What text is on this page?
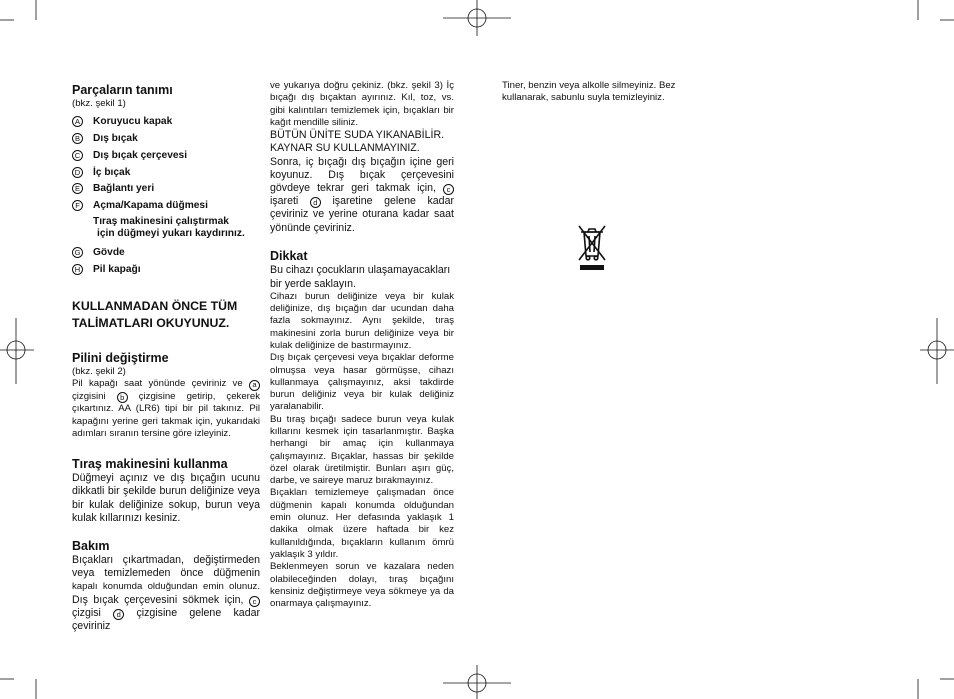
Parçaların tanımı

(bkz. şekil 1)

A Koruyucu kapak
B Dış bıçak
C Dış bıçak çerçevesi
D İç bıçak
E Bağlantı yeri
F	Açma/Kapama düğmesi
Tıraş makinesini çalıştırmak
için düğmeyi yukarı kaydırınız.
G Gövde
H Pil kapağı
KULLANMADAN ÖNCE TÜM
TALİMATLARI OKUYUNUZ.
Pilini değiştirme

(bkz. şekil 2)

Pil kapağı saat yönünde çeviriniz ve a çizgisini b çizgisine getirip, çekerek çıkartınız. AA (LR6) tipi bir pil takınız. Pil kapağını yerine geri takmak için, yukarıdaki adımları sıranın tersine göre izleyiniz.

Tıraş makinesini kullanma

Düğmeyi açınız ve dış bıçağın ucunu dikkatli bir şekilde burun deliğinize veya bir kulak deliğinize sokup, burun veya kulak kıllarınızı kesiniz.

Bakım

Bıçakları çıkartmadan, değiştirmeden veya temizlemeden önce düğmenin kapalı konumda olduğundan emin olunuz. Dış bıçak çerçevesini sökmek için, c çizgisi d çizgisine gelene kadar çeviriniz

ve yukarıya doğru çekiniz. (bkz. şekil 3) İç bıçağı dış bıçaktan ayırınız. Kıl, toz, vs. gibi kalıntıları temizlemek için, bıçakları bir kağıt mendille siliniz.

BÜTÜN ÜNİTE SUDA YIKANABİLİR. KAYNAR SU KULLANMAYINIZ.

Sonra, iç bıçağı dış bıçağın içine geri koyunuz. Dış bıçak çerçevesini gövdeye tekrar geri takmak için, c işareti d işaretine gelene kadar çeviriniz ve yerine oturana kadar saat yönünde çeviriniz.

Dikkat

Bu cihazı çocukların ulaşamayacakları bir yerde saklayın.

Cihazı burun deliğinize veya bir kulak deliğinize, dış bıçağın dar ucundan daha fazla sokmayınız. Aynı şekilde, tıraş makinesini zorla burun deliğinize veya bir kulak deliğinize de bastırmayınız.

Dış bıçak çerçevesi veya bıçaklar deforme olmuşsa veya hasar görmüşse, cihazı kullanmaya çalışmayınız, aksi takdirde burun deliğiniz veya bir kulak deliğiniz yaralanabilir.

Bu tıraş bıçağı sadece burun veya kulak kıllarını kesmek için tasarlanmıştır. Başka herhangi bir amaç için kullanmaya çalışmayınız. Bıçaklar, hassas bir şekilde özel olarak üretilmiştir. Bunları aşırı güç, darbe, ve saireye maruz bırakmayınız.

Bıçakları temizlemeye çalışmadan önce düğmenin kapalı konumda olduğundan emin olunuz. Her defasında yaklaşık 1 dakika olmak üzere haftada bir kez kullanıldığında, bıçakların kullanım ömrü yaklaşık 3 yıldır.

Beklenmeyen sorun ve kazalara neden olabileceğinden dolayı, tıraş bıçağını kensiniz değiştirmeye veya sökmeye ya da onarmaya çalışmayınız.

Tiner, benzin veya alkolle silmeyiniz. Bez kullanarak, sabunlu suyla temizleyiniz.
